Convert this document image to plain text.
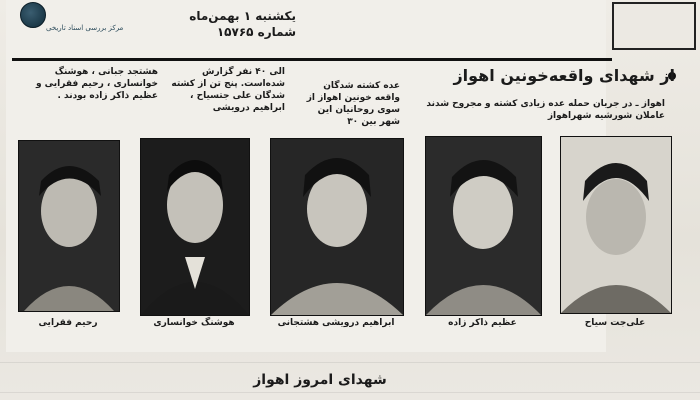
مرکز بررسی اسناد تاریخی
یکشنبه ۱ بهمن‌ماه
شماره ۱۵۷۶۵
از شهدای واقعه‌خونین اهواز
اهواز ـ در جریان حمله عده زیادی کشته و مجروح شدند عاملان شورشیه شهراهواز
عده کشته شدگان واقعه خونین اهواز از سوی روحانیان این شهر بین ۳۰
الی ۴۰ نفر گزارش شده‌است. پنج تن از کشته شدگان علی جتسیاح ، ابراهیم درویشی
هشتجد جبانی ، هوشنگ خوانساری ، رحیم فقرایی و عظیم ذاکر زاده بودند .
رحیم فقرایی	هوشنگ خوانساری	ابراهیم درویشی هشتجانی	عظیم ذاکر زاده	علی‌جت سیاح
شهدای امروز اهواز
